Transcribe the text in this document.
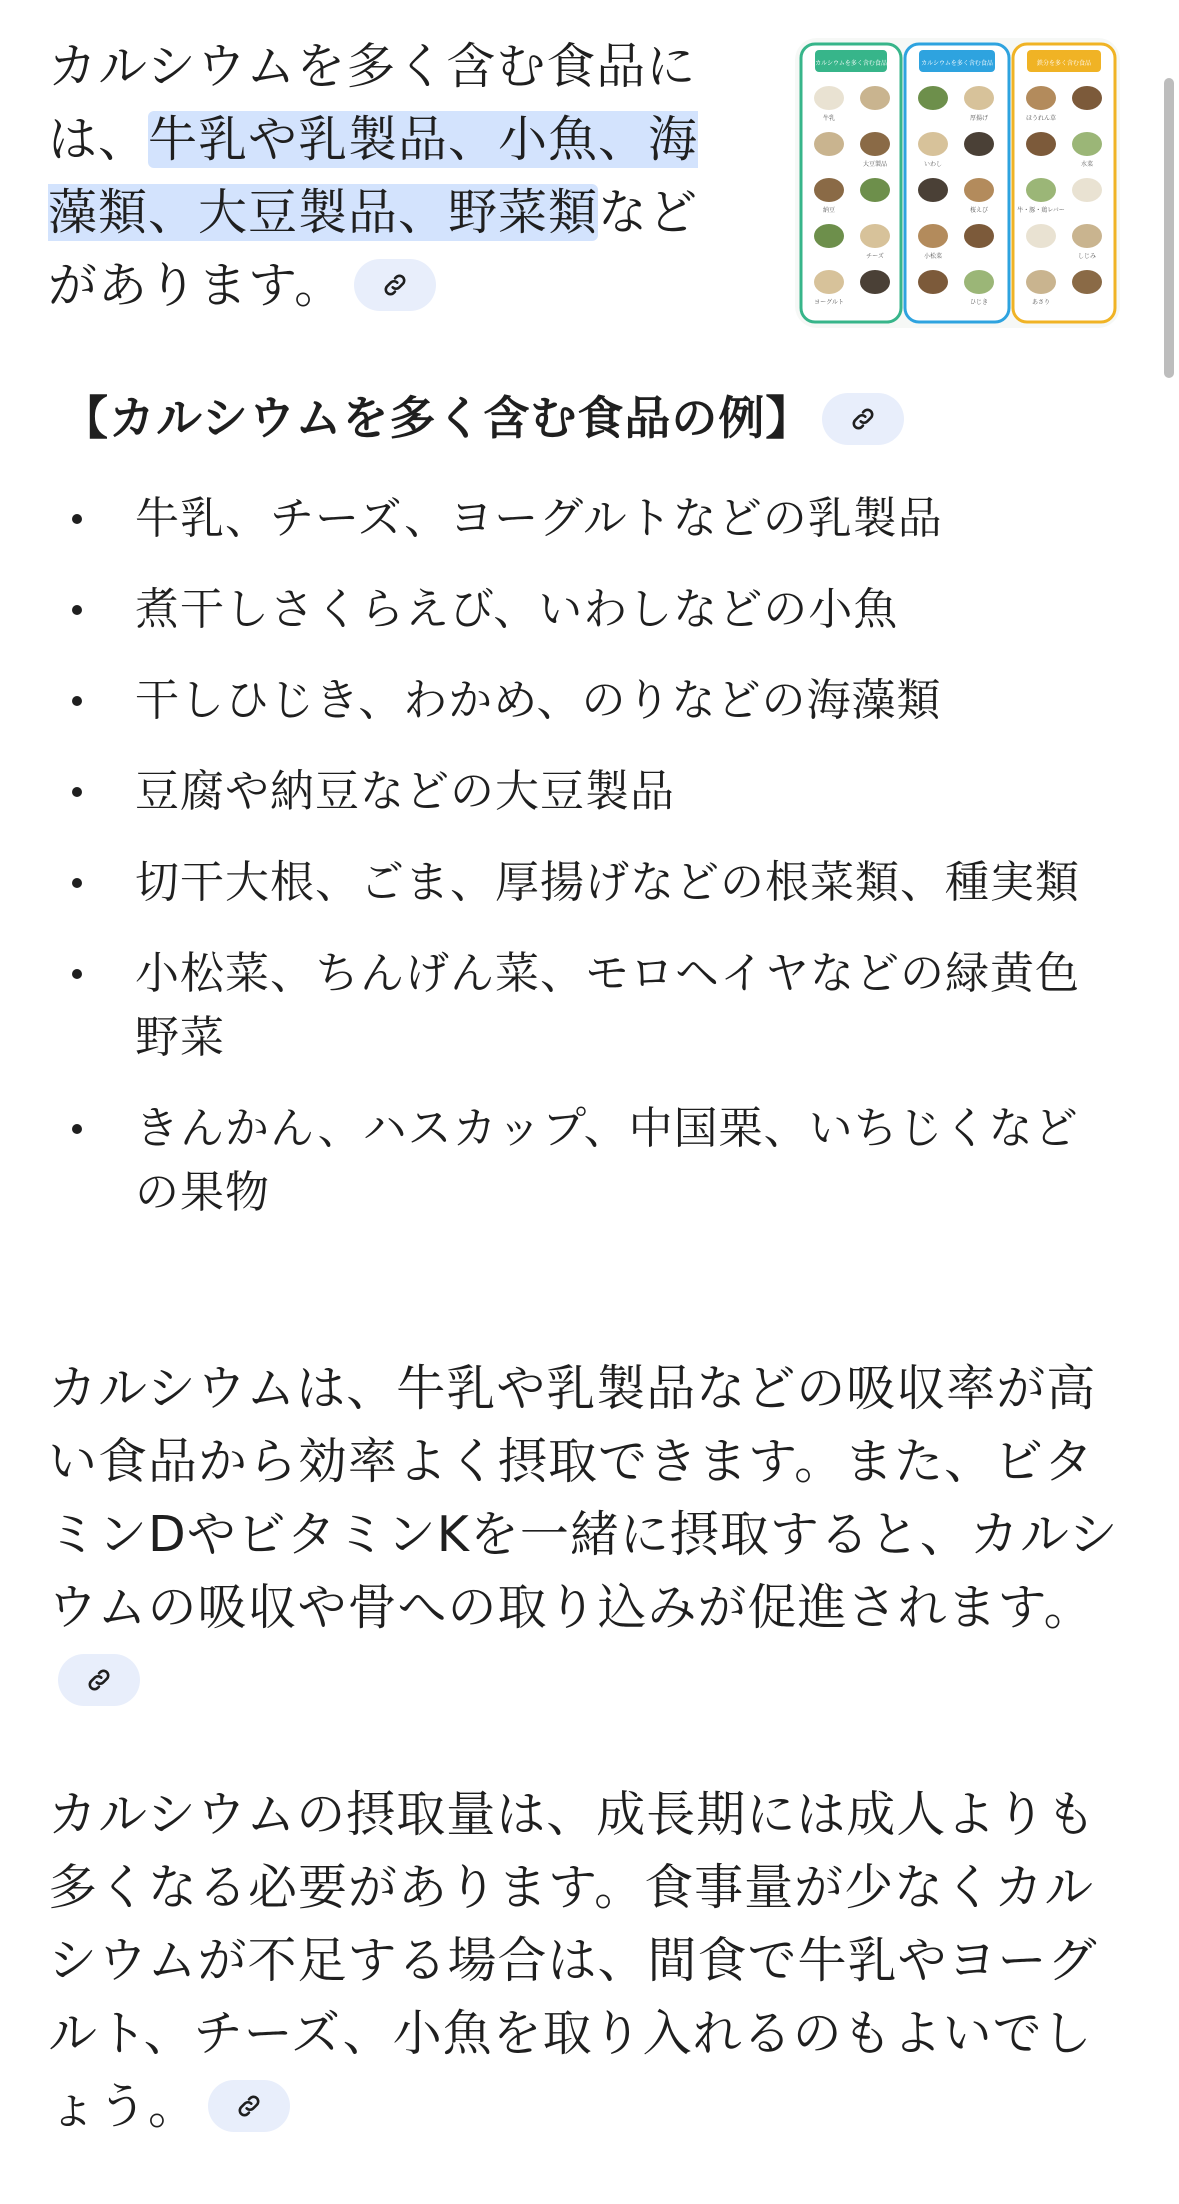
カルシウムを多く含む食品には、牛乳や乳製品、小魚、海藻類、大豆製品、野菜類などがあります。
カルシウムを多く含む食品
牛乳
大豆製品
納豆
チーズ
ヨーグルト
カルシウムを多く含む食品
厚揚げ
いわし
桜えび
小松菜
ひじき
鉄分を多く含む食品
ほうれん草
水菜
牛・豚・鶏レバー
しじみ
あさり
【カルシウムを多く含む食品の例】
牛乳、チーズ、ヨーグルトなどの乳製品
煮干しさくらえび、いわしなどの小魚
干しひじき、わかめ、のりなどの海藻類
豆腐や納豆などの大豆製品
切干大根、ごま、厚揚げなどの根菜類、種実類
小松菜、ちんげん菜、モロヘイヤなどの緑黄色野菜
きんかん、ハスカップ、中国栗、いちじくなどの果物
カルシウムは、牛乳や乳製品などの吸収率が高い食品から効率よく摂取できます。また、ビタミンDやビタミンKを一緒に摂取すると、カルシウムの吸収や骨への取り込みが促進されます。
カルシウムの摂取量は、成長期には成人よりも多くなる必要があります。食事量が少なくカルシウムが不足する場合は、間食で牛乳やヨーグルト、チーズ、小魚を取り入れるのもよいでしょう。
